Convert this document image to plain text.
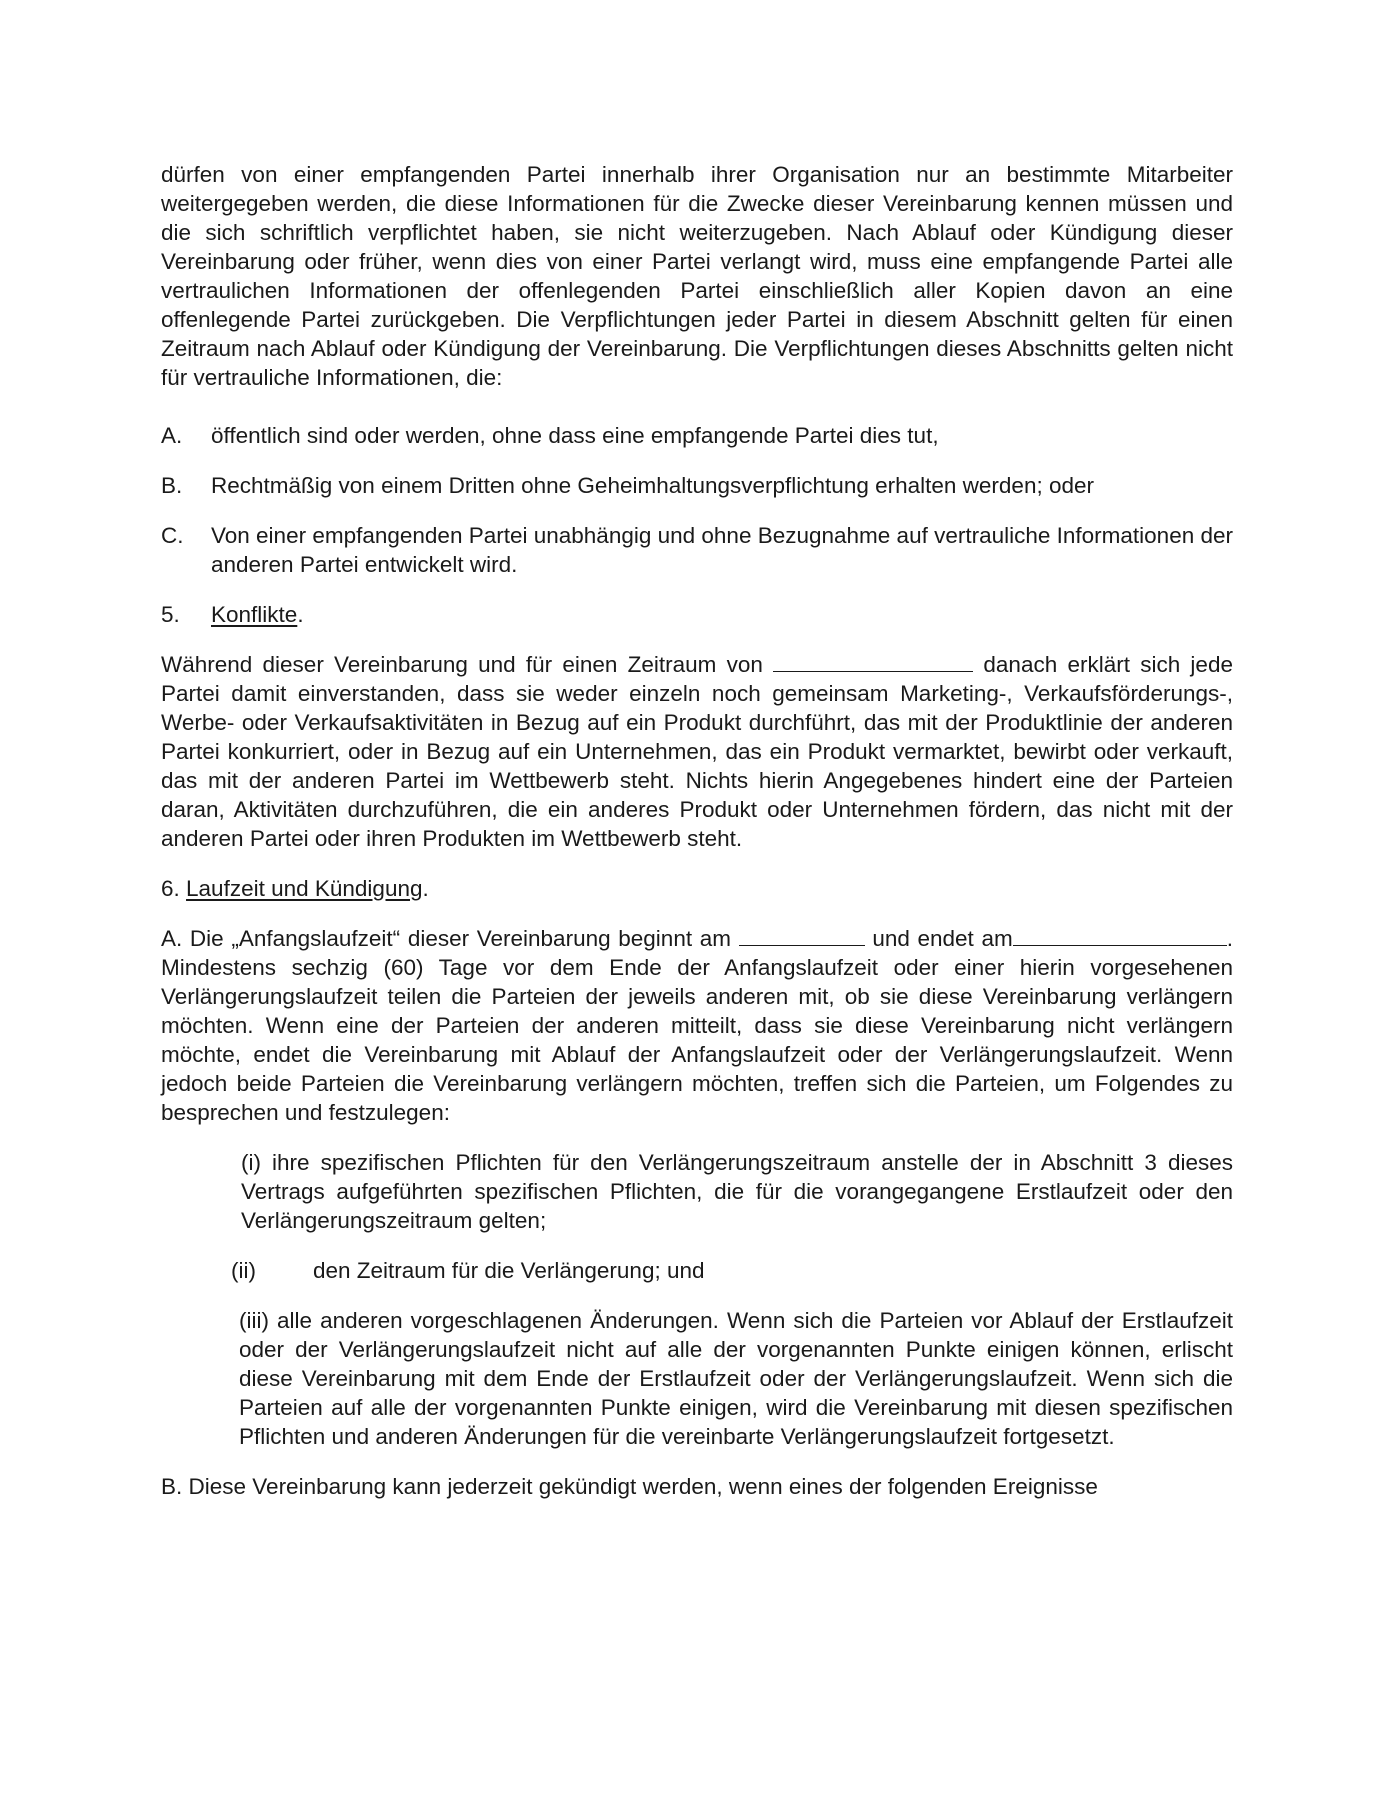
dürfen von einer empfangenden Partei innerhalb ihrer Organisation nur an bestimmte Mitarbeiter weitergegeben werden, die diese Informationen für die Zwecke dieser Vereinbarung kennen müssen und die sich schriftlich verpflichtet haben, sie nicht weiterzugeben. Nach Ablauf oder Kündigung dieser Vereinbarung oder früher, wenn dies von einer Partei verlangt wird, muss eine empfangende Partei alle vertraulichen Informationen der offenlegenden Partei einschließlich aller Kopien davon an eine offenlegende Partei zurückgeben. Die Verpflichtungen jeder Partei in diesem Abschnitt gelten für einen Zeitraum nach Ablauf oder Kündigung der Vereinbarung. Die Verpflichtungen dieses Abschnitts gelten nicht für vertrauliche Informationen, die:

A.	öffentlich sind oder werden, ohne dass eine empfangende Partei dies tut,
B.	Rechtmäßig von einem Dritten ohne Geheimhaltungsverpflichtung erhalten werden; oder
C.	Von einer empfangenden Partei unabhängig und ohne Bezugnahme auf vertrauliche Informationen der anderen Partei entwickelt wird.
5.	Konflikte.

Während dieser Vereinbarung und für einen Zeitraum von	danach erklärt sich jede Partei damit einverstanden, dass sie weder einzeln noch gemeinsam Marketing-, Verkaufsförderungs-, Werbe- oder Verkaufsaktivitäten in Bezug auf ein Produkt durchführt, das mit der Produktlinie der anderen Partei konkurriert, oder in Bezug auf ein Unternehmen, das ein Produkt vermarktet, bewirbt oder verkauft, das mit der anderen Partei im Wettbewerb steht. Nichts hierin Angegebenes hindert eine der Parteien daran, Aktivitäten durchzuführen, die ein anderes Produkt oder Unternehmen fördern, das nicht mit der anderen Partei oder ihren Produkten im Wettbewerb steht.

6. Laufzeit und Kündigung.

A. Die „Anfangslaufzeit“ dieser Vereinbarung beginnt am	und endet am	. Mindestens sechzig (60) Tage vor dem Ende der Anfangslaufzeit oder einer hierin vorgesehenen Verlängerungslaufzeit teilen die Parteien der jeweils anderen mit, ob sie diese Vereinbarung verlängern möchten. Wenn eine der Parteien der anderen mitteilt, dass sie diese Vereinbarung nicht verlängern möchte, endet die Vereinbarung mit Ablauf der Anfangslaufzeit oder der Verlängerungslaufzeit. Wenn jedoch beide Parteien die Vereinbarung verlängern möchten, treffen sich die Parteien, um Folgendes zu besprechen und festzulegen:

(i) ihre spezifischen Pflichten für den Verlängerungszeitraum anstelle der in Abschnitt 3 dieses Vertrags aufgeführten spezifischen Pflichten, die für die vorangegangene Erstlaufzeit oder den Verlängerungszeitraum gelten;

(ii)	den Zeitraum für die Verlängerung; und

(iii) alle anderen vorgeschlagenen Änderungen. Wenn sich die Parteien vor Ablauf der Erstlaufzeit oder der Verlängerungslaufzeit nicht auf alle der vorgenannten Punkte einigen können, erlischt diese Vereinbarung mit dem Ende der Erstlaufzeit oder der Verlängerungslaufzeit. Wenn sich die Parteien auf alle der vorgenannten Punkte einigen, wird die Vereinbarung mit diesen spezifischen Pflichten und anderen Änderungen für die vereinbarte Verlängerungslaufzeit fortgesetzt.

B. Diese Vereinbarung kann jederzeit gekündigt werden, wenn eines der folgenden Ereignisse
